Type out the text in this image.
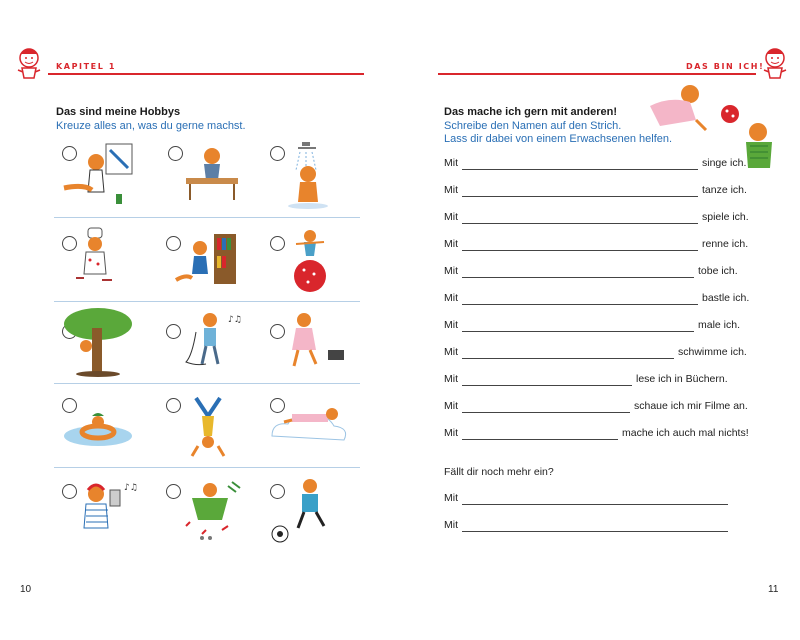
KAPITEL 1
Das sind meine Hobbys
Kreuze alles an, was du gerne machst.
♪♫
♪♫
10
DAS BIN ICH!
Das mache ich gern mit anderen!
Schreibe den Namen auf den Strich.
Lass dir dabei von einem Erwachsenen helfen.
11
Mit	singe ich.
Mit	tanze ich.
Mit	spiele ich.
Mit	renne ich.
Mit	tobe ich.
Mit	bastle ich.
Mit	male ich.
Mit	schwimme ich.
Mit	lese ich in Büchern.
Mit	schaue ich mir Filme an.
Mit	mache ich auch mal nichts!
Fällt dir noch mehr ein?
Mit
Mit
